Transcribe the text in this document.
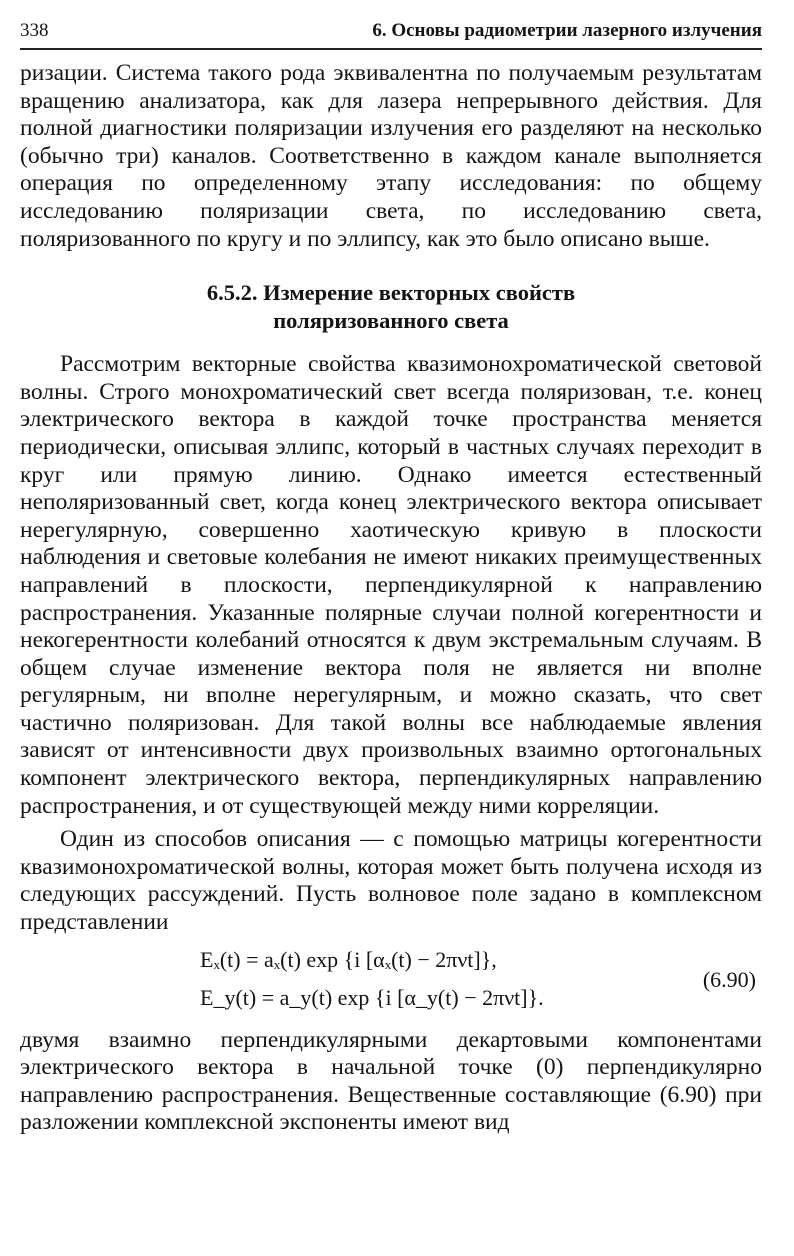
338	6. Основы радиометрии лазерного излучения

ризации. Система такого рода эквивалентна по получаемым результатам вращению анализатора, как для лазера непрерывного действия. Для полной диагностики поляризации излучения его разделяют на несколько (обычно три) каналов. Соответственно в каждом канале выполняется операция по определенному этапу исследования: по общему исследованию поляризации света, по исследованию света, поляризованного по кругу и по эллипсу, как это было описано выше.

6.5.2. Измерение векторных свойств
поляризованного света

Рассмотрим векторные свойства квазимонохроматической световой волны. Строго монохроматический свет всегда поляризован, т.е. конец электрического вектора в каждой точке пространства меняется периодически, описывая эллипс, который в частных случаях переходит в круг или прямую линию. Однако имеется естественный неполяризованный свет, когда конец электрического вектора описывает нерегулярную, совершенно хаотическую кривую в плоскости наблюдения и световые колебания не имеют никаких преимущественных направлений в плоскости, перпендикулярной к направлению распространения. Указанные полярные случаи полной когерентности и некогерентности колебаний относятся к двум экстремальным случаям. В общем случае изменение вектора поля не является ни вполне регулярным, ни вполне нерегулярным, и можно сказать, что свет частично поляризован. Для такой волны все наблюдаемые явления зависят от интенсивности двух произвольных взаимно ортогональных компонент электрического вектора, перпендикулярных направлению распространения, и от существующей между ними корреляции.

Один из способов описания — с помощью матрицы когерентности квазимонохроматической волны, которая может быть получена исходя из следующих рассуждений. Пусть волновое поле задано в комплексном представлении

Eₓ(t) = aₓ(t) exp {i [αₓ(t) − 2πνt]},
E_y(t) = a_y(t) exp {i [α_y(t) − 2πνt]}.
(6.90)

двумя взаимно перпендикулярными декартовыми компонентами электрического вектора в начальной точке (0) перпендикулярно направлению распространения. Вещественные составляющие (6.90) при разложении комплексной экспоненты имеют вид
